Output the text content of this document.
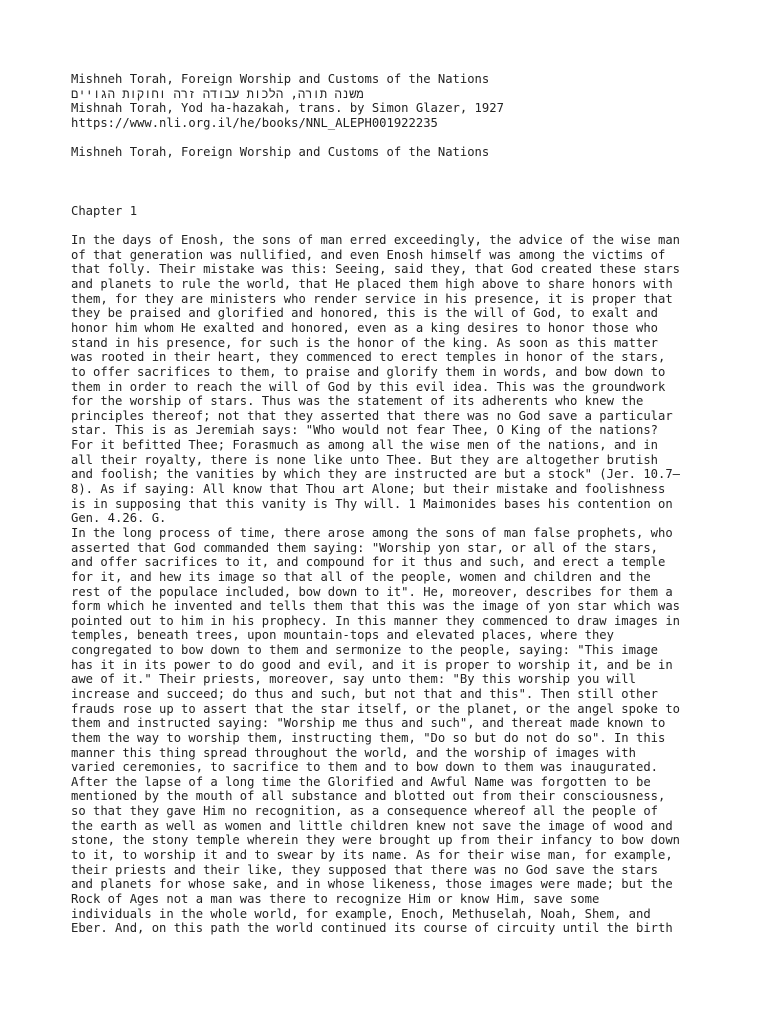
Mishneh Torah, Foreign Worship and Customs of the Nations
משנה תורה, הלכות עבודה זרה וחוקות הגויים
Mishnah Torah, Yod ha-hazakah, trans. by Simon Glazer, 1927
https://www.nli.org.il/he/books/NNL_ALEPH001922235
Mishneh Torah, Foreign Worship and Customs of the Nations
Chapter 1
In the days of Enosh, the sons of man erred exceedingly, the advice of the wise man
of that generation was nullified, and even Enosh himself was among the victims of
that folly. Their mistake was this: Seeing, said they, that God created these stars
and planets to rule the world, that He placed them high above to share honors with
them, for they are ministers who render service in his presence, it is proper that
they be praised and glorified and honored, this is the will of God, to exalt and
honor him whom He exalted and honored, even as a king desires to honor those who
stand in his presence, for such is the honor of the king. As soon as this matter
was rooted in their heart, they commenced to erect temples in honor of the stars,
to offer sacrifices to them, to praise and glorify them in words, and bow down to
them in order to reach the will of God by this evil idea. This was the groundwork
for the worship of stars. Thus was the statement of its adherents who knew the
principles thereof; not that they asserted that there was no God save a particular
star. This is as Jeremiah says: "Who would not fear Thee, O King of the nations?
For it befitted Thee; Forasmuch as among all the wise men of the nations, and in
all their royalty, there is none like unto Thee. But they are altogether brutish
and foolish; the vanities by which they are instructed are but a stock" (Jer. 10.7–
8). As if saying: All know that Thou art Alone; but their mistake and foolishness
is in supposing that this vanity is Thy will. 1 Maimonides bases his contention on
Gen. 4.26. G.
In the long process of time, there arose among the sons of man false prophets, who
asserted that God commanded them saying: "Worship yon star, or all of the stars,
and offer sacrifices to it, and compound for it thus and such, and erect a temple
for it, and hew its image so that all of the people, women and children and the
rest of the populace included, bow down to it". He, moreover, describes for them a
form which he invented and tells them that this was the image of yon star which was
pointed out to him in his prophecy. In this manner they commenced to draw images in
temples, beneath trees, upon mountain-tops and elevated places, where they
congregated to bow down to them and sermonize to the people, saying: "This image
has it in its power to do good and evil, and it is proper to worship it, and be in
awe of it." Their priests, moreover, say unto them: "By this worship you will
increase and succeed; do thus and such, but not that and this". Then still other
frauds rose up to assert that the star itself, or the planet, or the angel spoke to
them and instructed saying: "Worship me thus and such", and thereat made known to
them the way to worship them, instructing them, "Do so but do not do so". In this
manner this thing spread throughout the world, and the worship of images with
varied ceremonies, to sacrifice to them and to bow down to them was inaugurated.
After the lapse of a long time the Glorified and Awful Name was forgotten to be
mentioned by the mouth of all substance and blotted out from their consciousness,
so that they gave Him no recognition, as a consequence whereof all the people of
the earth as well as women and little children knew not save the image of wood and
stone, the stony temple wherein they were brought up from their infancy to bow down
to it, to worship it and to swear by its name. As for their wise man, for example,
their priests and their like, they supposed that there was no God save the stars
and planets for whose sake, and in whose likeness, those images were made; but the
Rock of Ages not a man was there to recognize Him or know Him, save some
individuals in the whole world, for example, Enoch, Methuselah, Noah, Shem, and
Eber. And, on this path the world continued its course of circuity until the birth
